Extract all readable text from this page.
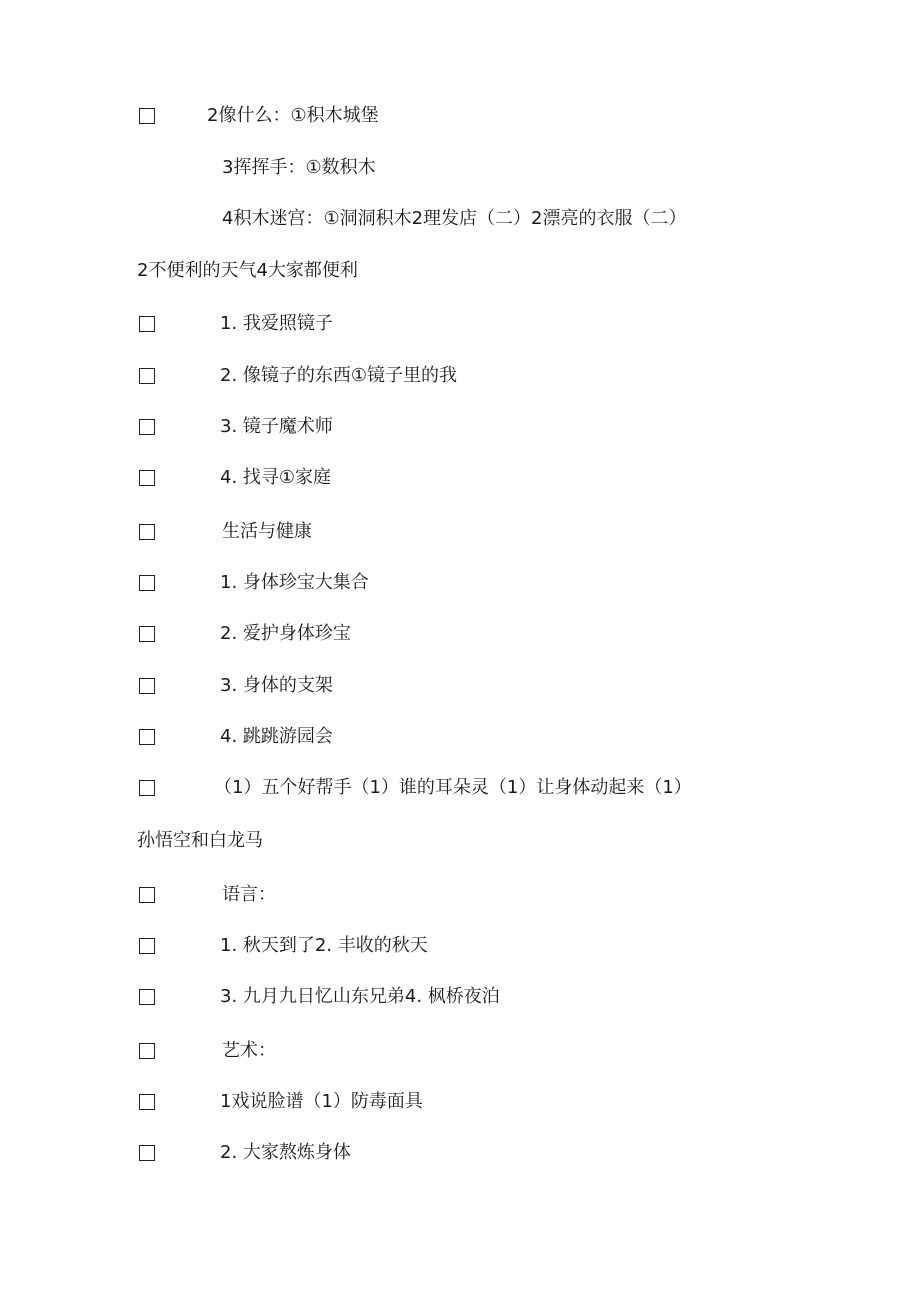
2像什么：①积木城堡
3挥挥手：①数积木
4积木迷宫：①洞洞积木2理发店（二）2漂亮的衣服（二）
2不便利的天气4大家都便利
1. 我爱照镜子
2. 像镜子的东西①镜子里的我
3. 镜子魔术师
4. 找寻①家庭
生活与健康
1. 身体珍宝大集合
2. 爱护身体珍宝
3. 身体的支架
4. 跳跳游园会
（1）五个好帮手（1）谁的耳朵灵（1）让身体动起来（1）
孙悟空和白龙马
语言：
1. 秋天到了2. 丰收的秋天
3. 九月九日忆山东兄弟4. 枫桥夜泊
艺术：
1戏说脸谱（1）防毒面具
2. 大家熬炼身体
